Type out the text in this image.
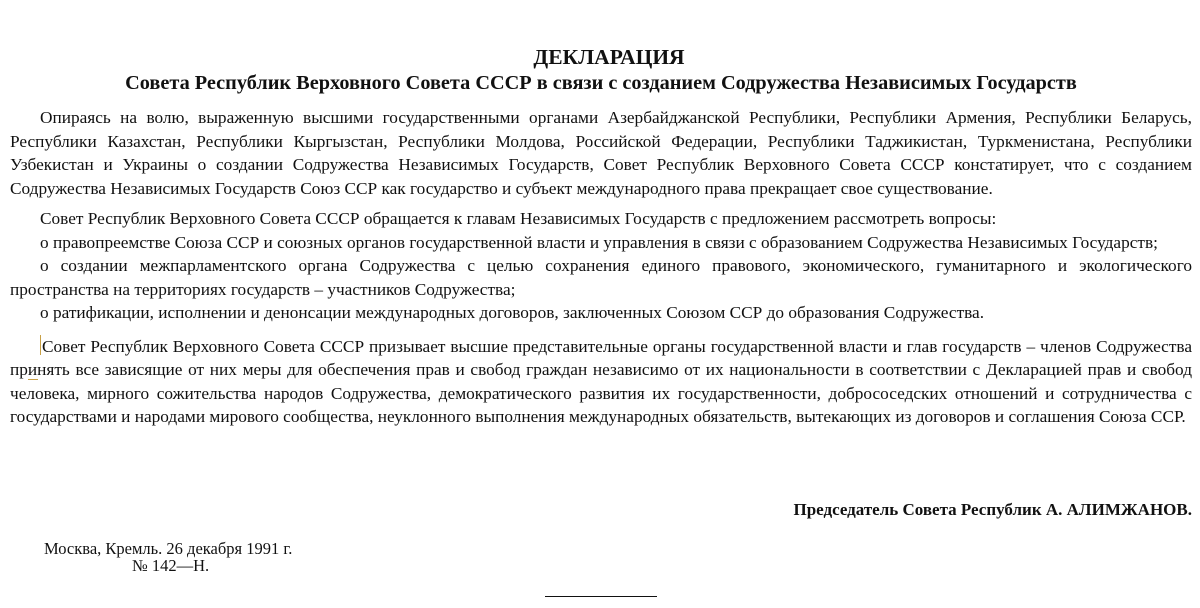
ДЕКЛАРАЦИЯ
Совета Республик Верховного Совета СССР в связи с созданием Содружества Независимых Государств

Опираясь на волю, выраженную высшими государственными органами Азербайджанской Республики, Республики Армения, Республики Беларусь, Республики Казахстан, Республики Кыргызстан, Республики Молдова, Российской Федерации, Республики Таджикистан, Туркменистана, Республики Узбекистан и Украины о создании Содружества Независимых Государств, Совет Республик Верховного Совета СССР констатирует, что с созданием Содружества Независимых Государств Союз ССР как государство и субъект международного права прекращает свое существование.

Совет Республик Верховного Совета СССР обращается к главам Независимых Государств с предложением рассмотреть вопросы:

о правопреемстве Союза ССР и союзных органов государственной власти и управления в связи с образованием Содружества Независимых Государств;

о создании межпарламентского органа Содружества с целью сохранения единого правового, экономического, гуманитарного и экологического пространства на территориях государств – участников Содружества;

о ратификации, исполнении и денонсации международных договоров, заключенных Союзом ССР до образования Содружества.

Совет Республик Верховного Совета СССР призывает высшие представительные органы государственной власти и глав государств – членов Содружества принять все зависящие от них меры для обеспечения прав и свобод граждан независимо от их национальности в соответствии с Декларацией прав и свобод человека, мирного сожительства народов Содружества, демократического развития их государственности, добрососедских отношений и сотрудничества с государствами и народами мирового сообщества, неуклонного выполнения международных обязательств, вытекающих из договоров и соглашения Союза ССР.

Председатель Совета Республик А. АЛИМЖАНОВ.

Москва, Кремль. 26 декабря 1991 г.
№ 142—Н.
